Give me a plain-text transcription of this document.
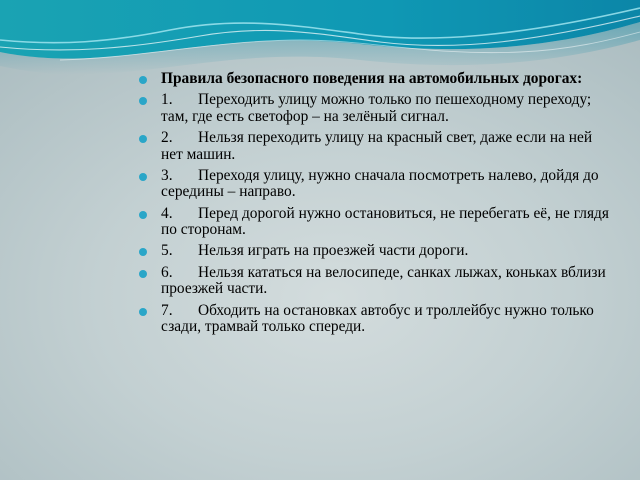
Правила безопасного поведения на автомобильных дорогах:
1. Переходить улицу можно только по пешеходному переходу; там, где есть светофор – на зелёный сигнал.
2. Нельзя переходить улицу на красный свет, даже если на ней нет машин.
3. Переходя улицу, нужно сначала посмотреть налево, дойдя до середины – направо.
4. Перед дорогой нужно остановиться, не перебегать её, не глядя по сторонам.
5. Нельзя играть на проезжей части дороги.
6. Нельзя кататься на велосипеде, санках лыжах, коньках вблизи проезжей части.
7. Обходить на остановках автобус и троллейбус нужно только сзади, трамвай только спереди.
